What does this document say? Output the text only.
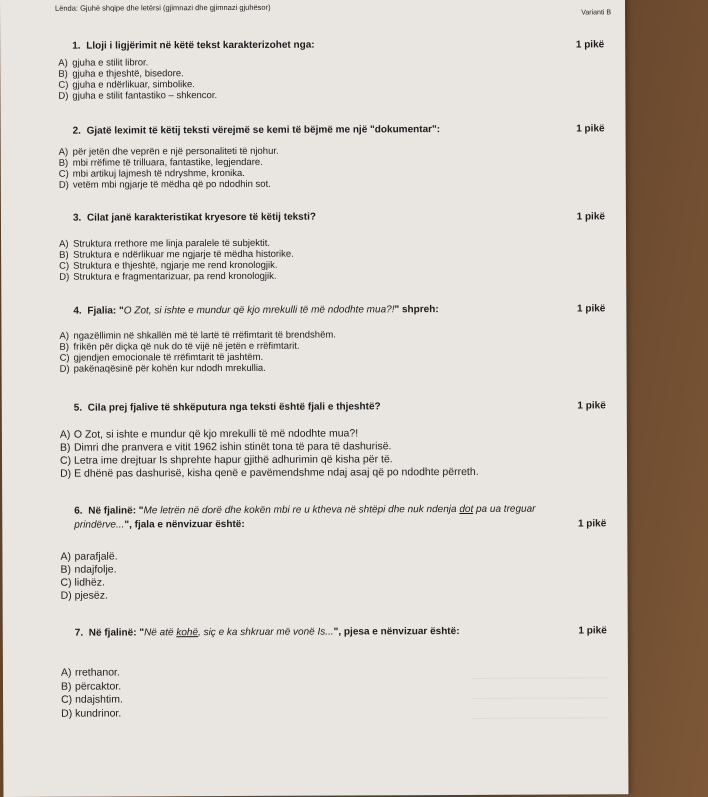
Lënda: Gjuhë shqipe dhe letërsi (gjimnazi dhe gjimnazi gjuhësor)
Varianti B
1. Lloji i ligjërimit në këtë tekst karakterizohet nga:	1 pikë
A) gjuha e stilit libror.
B) gjuha e thjeshtë, bisedore.
C) gjuha e ndërlikuar, simbolike.
D) gjuha e stilit fantastiko – shkencor.
2. Gjatë leximit të këtij teksti vërejmë se kemi të bëjmë me një "dokumentar":	1 pikë
A) për jetën dhe veprën e një personaliteti të njohur.
B) mbi rrëfime të trilluara, fantastike, legjendare.
C) mbi artikuj lajmesh të ndryshme, kronika.
D) vetëm mbi ngjarje të mëdha që po ndodhin sot.
3. Cilat janë karakteristikat kryesore të këtij teksti?	1 pikë
A) Struktura rrethore me linja paralele të subjektit.
B) Struktura e ndërlikuar me ngjarje të mëdha historike.
C) Struktura e thjeshtë, ngjarje me rend kronologjik.
D) Struktura e fragmentarizuar, pa rend kronologjik.
4. Fjalia: "O Zot, si ishte e mundur që kjo mrekulli të më ndodhte mua?!" shpreh:	1 pikë
A) ngazëllimin në shkallën më të lartë të rrëfimtarit të brendshëm.
B) frikën për diçka që nuk do të vijë në jetën e rrëfimtarit.
C) gjendjen emocionale të rrëfimtarit të jashtëm.
D) pakënaqësinë për kohën kur ndodh mrekullia.
5. Cila prej fjalive të shkëputura nga teksti është fjali e thjeshtë?	1 pikë
A) O Zot, si ishte e mundur që kjo mrekulli të më ndodhte mua?!
B) Dimri dhe pranvera e vitit 1962 ishin stinët tona të para të dashurisë.
C) Letra ime drejtuar Is shprehte hapur gjithë adhurimin që kisha për të.
D) E dhënë pas dashurisë, kisha qenë e pavëmendshme ndaj asaj që po ndodhte përreth.
6. Në fjalinë: "Me letrën në dorë dhe kokën mbi re u ktheva në shtëpi dhe nuk ndenja dot pa ua treguar
prindërve...", fjala e nënvizuar është:	1 pikë
A) parafjalë.
B) ndajfolje.
C) lidhëz.
D) pjesëz.
7. Në fjalinë: "Në atë kohë, siç e ka shkruar më vonë Is...", pjesa e nënvizuar është:	1 pikë
A) rrethanor.
B) përcaktor.
C) ndajshtim.
D) kundrinor.
